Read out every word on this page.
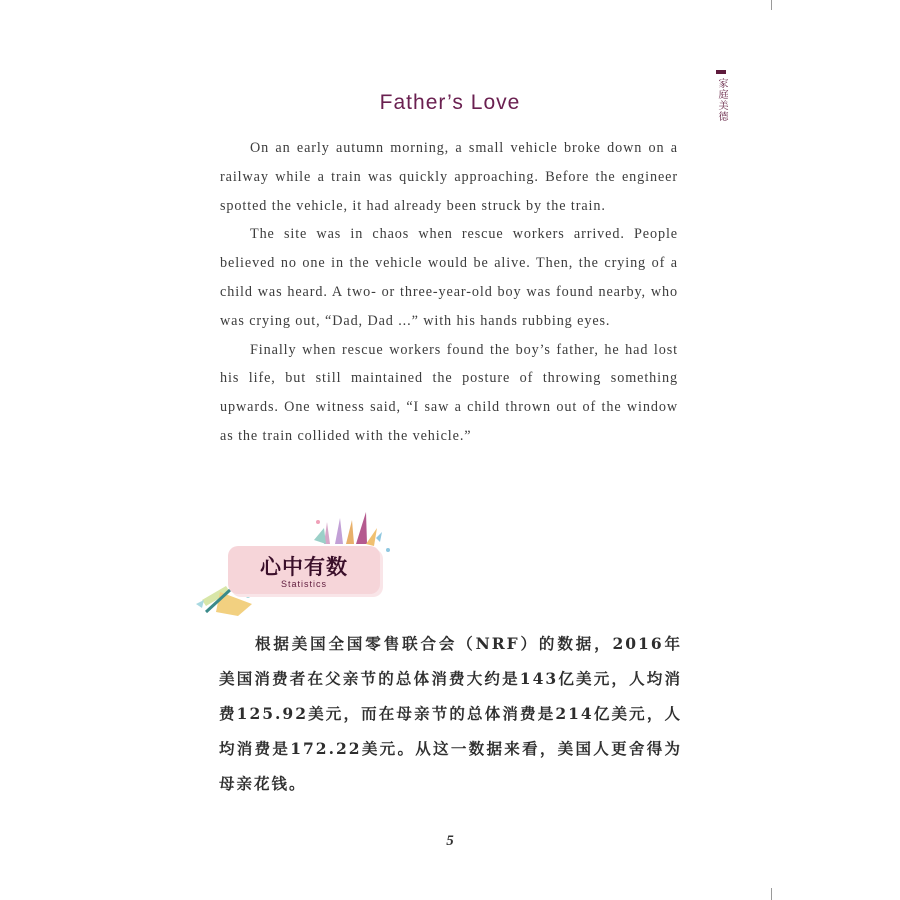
家庭美德
Father’s Love

On an early autumn morning, a small vehicle broke down on a railway while a train was quickly approaching. Before the engineer spotted the vehicle, it had already been struck by the train.

The site was in chaos when rescue workers arrived. People believed no one in the vehicle would be alive. Then, the crying of a child was heard. A two- or three-year-old boy was found nearby, who was crying out, “Dad, Dad ...” with his hands rubbing eyes.

Finally when rescue workers found the boy’s father, he had lost his life, but still maintained the posture of throwing something upwards. One witness said, “I saw a child thrown out of the window as the train collided with the vehicle.”

心中有数
Statistics

根据美国全国零售联合会（NRF）的数据，2016年美国消费者在父亲节的总体消费大约是143亿美元，人均消费125.92美元，而在母亲节的总体消费是214亿美元，人均消费是172.22美元。从这一数据来看，美国人更舍得为母亲花钱。

5
